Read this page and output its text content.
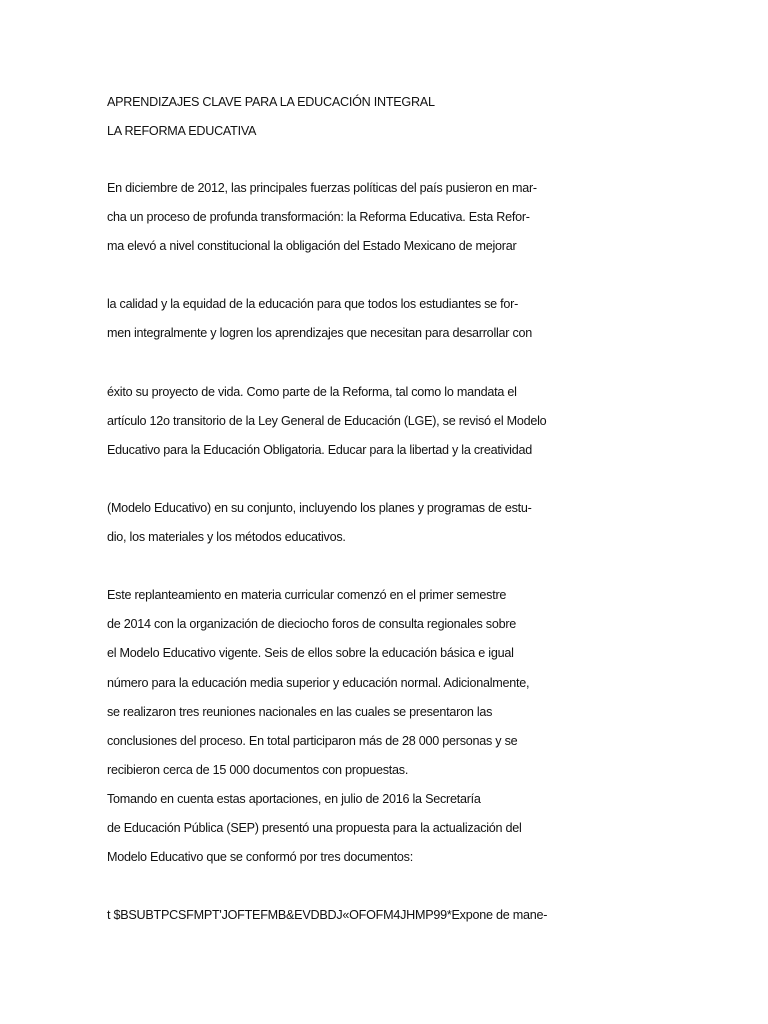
APRENDIZAJES CLAVE PARA LA EDUCACIÓN INTEGRAL
LA REFORMA EDUCATIVA
En diciembre de 2012, las principales fuerzas políticas del país pusieron en mar-
cha un proceso de profunda transformación: la Reforma Educativa. Esta Refor-
ma elevó a nivel constitucional la obligación del Estado Mexicano de mejorar
la calidad y la equidad de la educación para que todos los estudiantes se for-
men integralmente y logren los aprendizajes que necesitan para desarrollar con
éxito su proyecto de vida. Como parte de la Reforma, tal como lo mandata el
artículo 12o transitorio de la Ley General de Educación (LGE), se revisó el Modelo
Educativo para la Educación Obligatoria. Educar para la libertad y la creatividad
(Modelo Educativo) en su conjunto, incluyendo los planes y programas de estu-
dio, los materiales y los métodos educativos.
Este replanteamiento en materia curricular comenzó en el primer semestre
de 2014 con la organización de dieciocho foros de consulta regionales sobre
el Modelo Educativo vigente. Seis de ellos sobre la educación básica e igual
número para la educación media superior y educación normal. Adicionalmente,
se realizaron tres reuniones nacionales en las cuales se presentaron las
conclusiones del proceso. En total participaron más de 28 000 personas y se
recibieron cerca de 15 000 documentos con propuestas.
Tomando en cuenta estas aportaciones, en julio de 2016 la Secretaría
de Educación Pública (SEP) presentó una propuesta para la actualización del
Modelo Educativo que se conformó por tres documentos:
t $BSUBTPCSFMPT'JOFTEFMB&EVDBDJ«OFOFM4JHMP99*Expone de mane-
